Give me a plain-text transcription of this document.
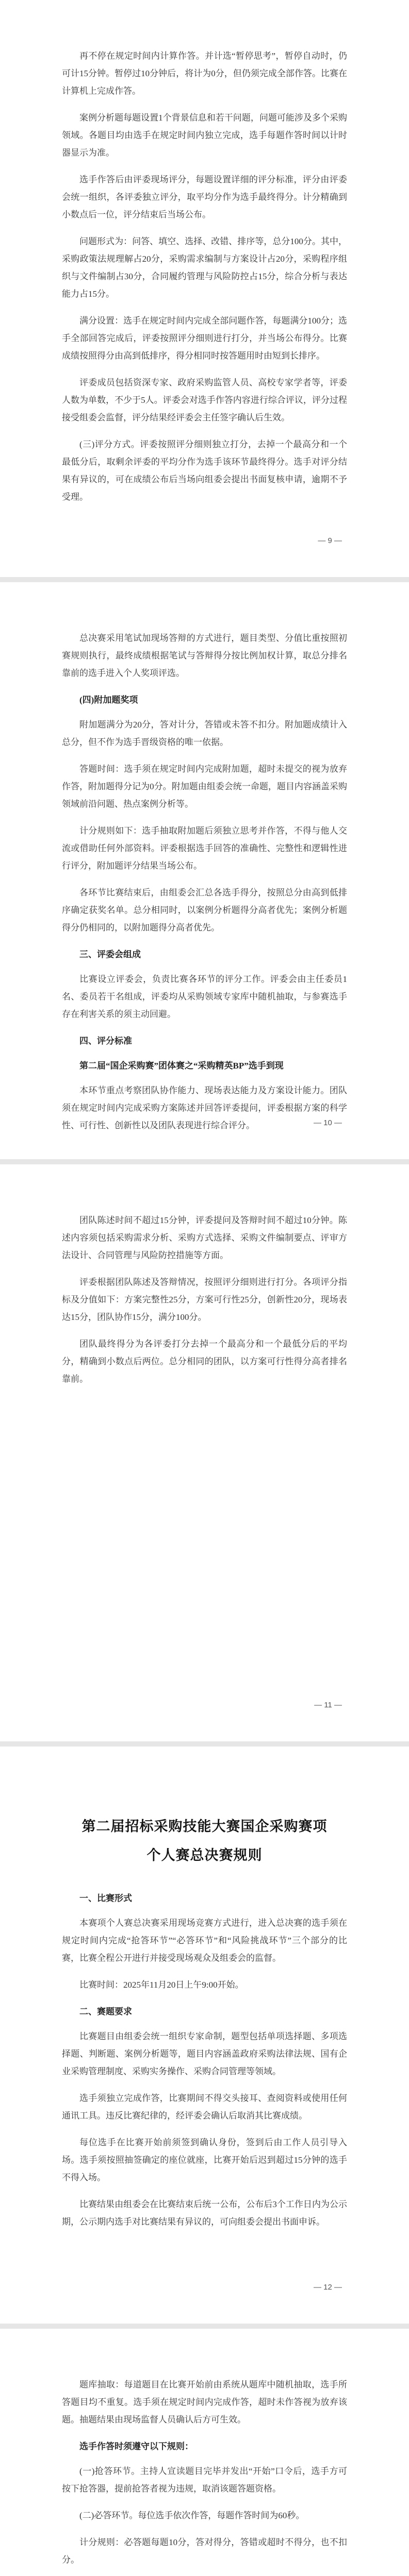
再不停在规定时间内计算作答。并计选“暂停思考”，暂停自动时，仍可计15分钟。暂停过10分钟后，将计为0分，但仍须完成全部作答。比赛在计算机上完成作答。

案例分析题每题设置1个背景信息和若干问题，问题可能涉及多个采购领域。各题目均由选手在规定时间内独立完成，选手每题作答时间以计时器显示为准。

选手作答后由评委现场评分，每题设置详细的评分标准，评分由评委会统一组织，各评委独立评分，取平均分作为选手最终得分。计分精确到小数点后一位，评分结束后当场公布。

问题形式为：问答、填空、选择、改错、排序等，总分100分。其中，采购政策法规理解占20分，采购需求编制与方案设计占20分，采购程序组织与文件编制占30分，合同履约管理与风险防控占15分，综合分析与表达能力占15分。

满分设置：选手在规定时间内完成全部问题作答，每题满分100分；选手全部回答完成后，评委按照评分细则进行打分，并当场公布得分。比赛成绩按照得分由高到低排序，得分相同时按答题用时由短到长排序。

评委成员包括资深专家、政府采购监管人员、高校专家学者等，评委人数为单数，不少于5人。评委会对选手作答内容进行综合评议，评分过程接受组委会监督，评分结果经评委会主任签字确认后生效。

(三)评分方式。评委按照评分细则独立打分，去掉一个最高分和一个最低分后，取剩余评委的平均分作为选手该环节最终得分。选手对评分结果有异议的，可在成绩公布后当场向组委会提出书面复核申请，逾期不予受理。

— 9 —

总决赛采用笔试加现场答辩的方式进行，题目类型、分值比重按照初赛规则执行，最终成绩根据笔试与答辩得分按比例加权计算，取总分排名靠前的选手进入个人奖项评选。

(四)附加题奖项

附加题满分为20分，答对计分，答错或未答不扣分。附加题成绩计入总分，但不作为选手晋级资格的唯一依据。

答题时间：选手须在规定时间内完成附加题，超时未提交的视为放弃作答，附加题得分记为0分。附加题由组委会统一命题，题目内容涵盖采购领域前沿问题、热点案例分析等。

计分规则如下：选手抽取附加题后须独立思考并作答，不得与他人交流或借助任何外部资料。评委根据选手回答的准确性、完整性和逻辑性进行评分，附加题评分结果当场公布。

各环节比赛结束后，由组委会汇总各选手得分，按照总分由高到低排序确定获奖名单。总分相同时，以案例分析题得分高者优先；案例分析题得分仍相同的，以附加题得分高者优先。

三、评委会组成

比赛设立评委会，负责比赛各环节的评分工作。评委会由主任委员1名、委员若干名组成，评委均从采购领域专家库中随机抽取，与参赛选手存在利害关系的须主动回避。

四、评分标准

第二届“国企采购赛”团体赛之“采购精英BP”选手到现

本环节重点考察团队协作能力、现场表达能力及方案设计能力。团队须在规定时间内完成采购方案陈述并回答评委提问，评委根据方案的科学性、可行性、创新性以及团队表现进行综合评分。	— 10 —

团队陈述时间不超过15分钟，评委提问及答辩时间不超过10分钟。陈述内容须包括采购需求分析、采购方式选择、采购文件编制要点、评审方法设计、合同管理与风险防控措施等方面。

评委根据团队陈述及答辩情况，按照评分细则进行打分。各项评分指标及分值如下：方案完整性25分，方案可行性25分，创新性20分，现场表达15分，团队协作15分，满分100分。

团队最终得分为各评委打分去掉一个最高分和一个最低分后的平均分，精确到小数点后两位。总分相同的团队，以方案可行性得分高者排名靠前。

— 11 —

第二届招标采购技能大赛国企采购赛项

个人赛总决赛规则

一、比赛形式

本赛项个人赛总决赛采用现场竞赛方式进行，进入总决赛的选手须在规定时间内完成“抢答环节”“必答环节”和“风险挑战环节”三个部分的比赛，比赛全程公开进行并接受现场观众及组委会的监督。

比赛时间：2025年11月20日上午9:00开始。

二、赛题要求

比赛题目由组委会统一组织专家命制，题型包括单项选择题、多项选择题、判断题、案例分析题等，题目内容涵盖政府采购法律法规、国有企业采购管理制度、采购实务操作、采购合同管理等领域。

选手须独立完成作答，比赛期间不得交头接耳、查阅资料或使用任何通讯工具。违反比赛纪律的，经评委会确认后取消其比赛成绩。

每位选手在比赛开始前须签到确认身份，签到后由工作人员引导入场。选手须按照抽签确定的座位就座，比赛开始后迟到超过15分钟的选手不得入场。

比赛结果由组委会在比赛结束后统一公布，公布后3个工作日内为公示期，公示期内选手对比赛结果有异议的，可向组委会提出书面申诉。

— 12 —

题库抽取：每道题目在比赛开始前由系统从题库中随机抽取，选手所答题目均不重复。选手须在规定时间内完成作答，超时未作答视为放弃该题。抽题结果由现场监督人员确认后方可生效。

选手作答时须遵守以下规则：

(一)抢答环节。主持人宣读题目完毕并发出“开始”口令后，选手方可按下抢答器，提前抢答者视为违规，取消该题答题资格。

(二)必答环节。每位选手依次作答，每题作答时间为60秒。

计分规则：必答题每题10分，答对得分，答错或超时不得分，也不扣分。
